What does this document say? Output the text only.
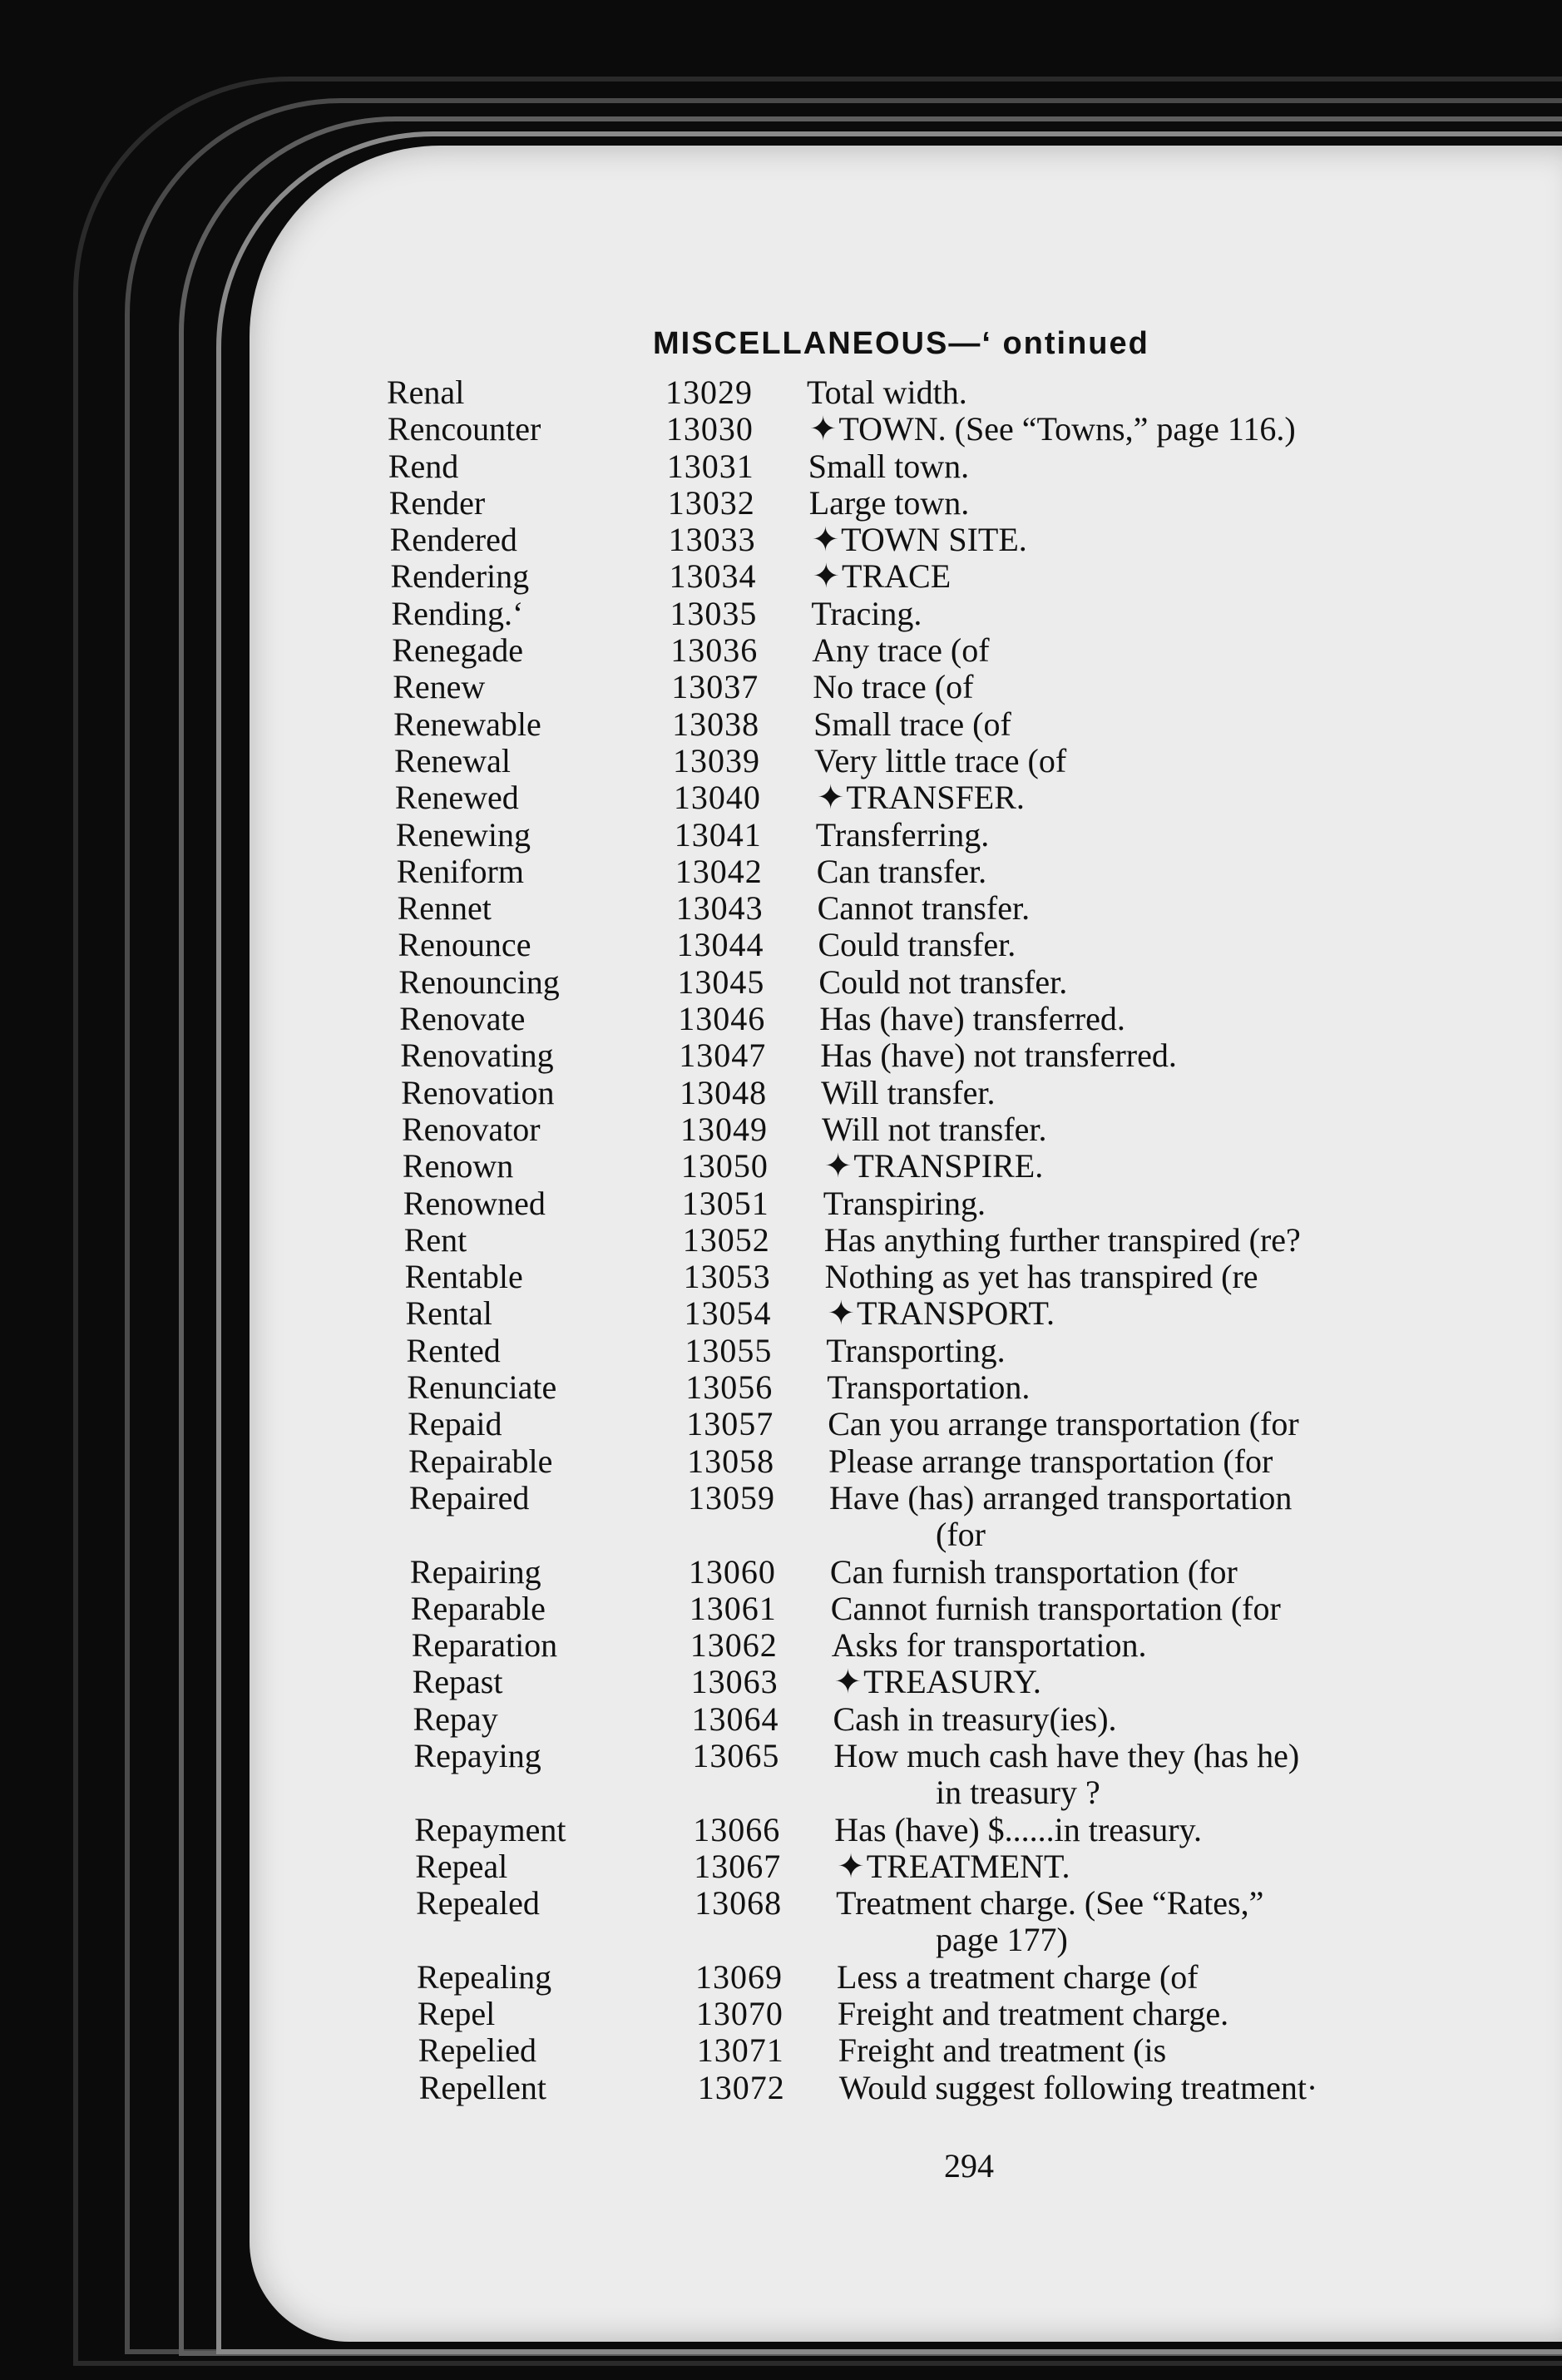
MISCELLANEOUS—‘ ontinued
Renal	13029 Total width.
Rencounter	13030 ✦TOWN. (See “Towns,” page 116.)
Rend	13031 Small town.
Render	13032 Large town.
Rendered	13033 ✦TOWN SITE.
Rendering	13034 ✦TRACE
Rending.‘	13035 Tracing.
Renegade	13036 Any trace (of
Renew	13037 No trace (of
Renewable	13038 Small trace (of
Renewal	13039 Very little trace (of
Renewed	13040 ✦TRANSFER.
Renewing	13041 Transferring.
Reniform	13042 Can transfer.
Rennet	13043 Cannot transfer.
Renounce	13044 Could transfer.
Renouncing	13045 Could not transfer.
Renovate	13046 Has (have) transferred.
Renovating	13047 Has (have) not transferred.
Renovation	13048 Will transfer.
Renovator	13049 Will not transfer.
Renown	13050 ✦TRANSPIRE.
Renowned	13051 Transpiring.
Rent	13052 Has anything further transpired (re?
Rentable	13053 Nothing as yet has transpired (re
Rental	13054 ✦TRANSPORT.
Rented	13055 Transporting.
Renunciate	13056 Transportation.
Repaid	13057 Can you arrange transportation (for
Repairable	13058 Please arrange transportation (for
Repaired	13059 Have (has) arranged transportation
(for
Repairing	13060 Can furnish transportation (for
Reparable	13061 Cannot furnish transportation (for
Reparation	13062 Asks for transportation.
Repast	13063 ✦TREASURY.
Repay	13064 Cash in treasury(ies).
Repaying	13065 How much cash have they (has he)
in treasury ?
Repayment	13066 Has (have) $......in treasury.
Repeal	13067 ✦TREATMENT.
Repealed	13068 Treatment charge. (See “Rates,”
page 177)
Repealing	13069 Less a treatment charge (of
Repel	13070 Freight and treatment charge.
Repelied	13071 Freight and treatment (is
Repellent	13072 Would suggest following treatment·
294
